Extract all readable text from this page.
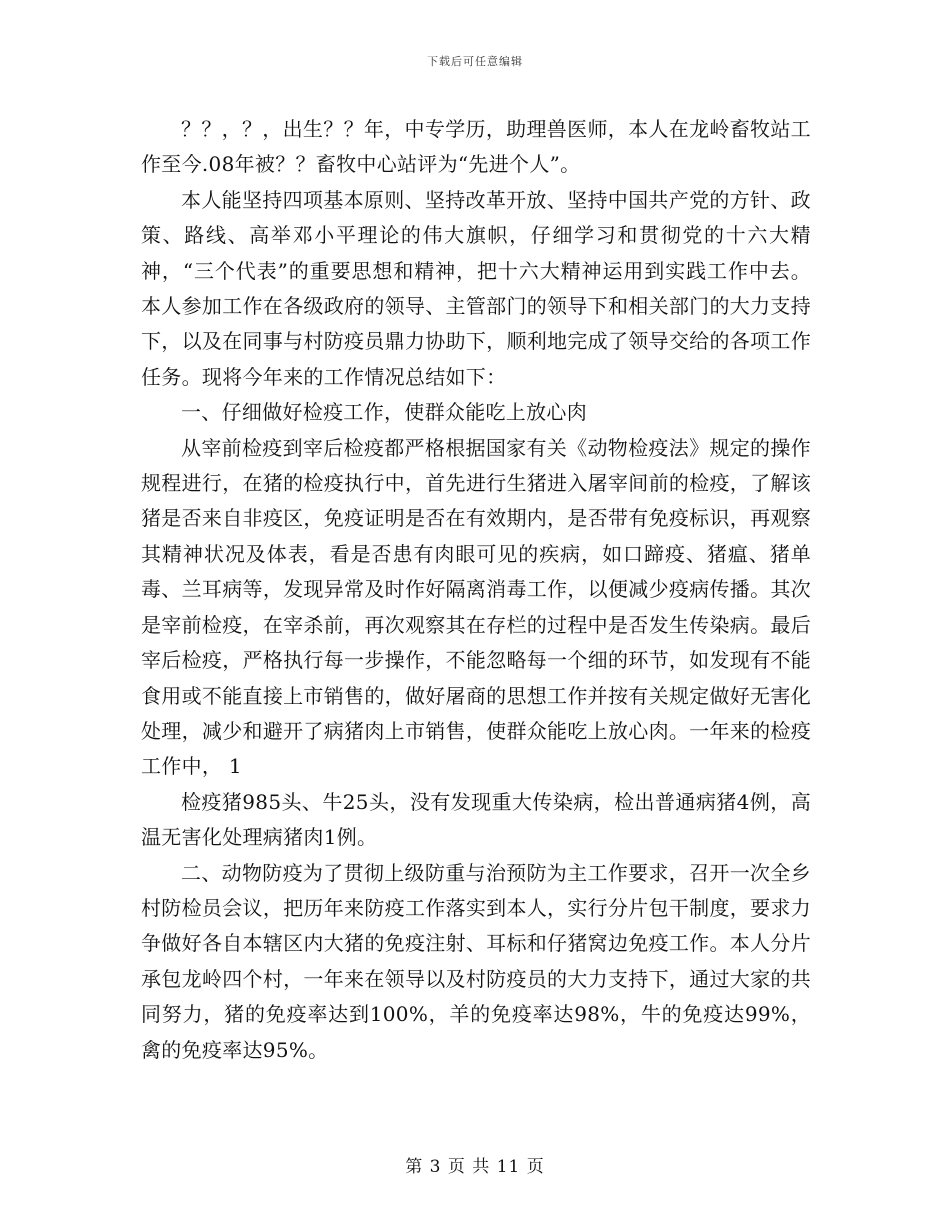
下载后可任意编辑

？？，？，出生？？年，中专学历，助理兽医师，本人在龙岭畜牧站工作至今.08年被？？畜牧中心站评为“先进个人”。

本人能坚持四项基本原则、坚持改革开放、坚持中国共产党的方针、政策、路线、高举邓小平理论的伟大旗帜，仔细学习和贯彻党的十六大精神，“三个代表”的重要思想和精神，把十六大精神运用到实践工作中去。本人参加工作在各级政府的领导、主管部门的领导下和相关部门的大力支持下，以及在同事与村防疫员鼎力协助下，顺利地完成了领导交给的各项工作任务。现将今年来的工作情况总结如下：

一、仔细做好检疫工作，使群众能吃上放心肉

从宰前检疫到宰后检疫都严格根据国家有关《动物检疫法》规定的操作规程进行，在猪的检疫执行中，首先进行生猪进入屠宰间前的检疫，了解该猪是否来自非疫区，免疫证明是否在有效期内，是否带有免疫标识，再观察其精神状况及体表，看是否患有肉眼可见的疾病，如口蹄疫、猪瘟、猪单毒、兰耳病等，发现异常及时作好隔离消毒工作，以便减少疫病传播。其次是宰前检疫，在宰杀前，再次观察其在存栏的过程中是否发生传染病。最后宰后检疫，严格执行每一步操作，不能忽略每一个细的环节，如发现有不能食用或不能直接上市销售的，做好屠商的思想工作并按有关规定做好无害化处理，减少和避开了病猪肉上市销售，使群众能吃上放心肉。一年来的检疫工作中， 1

检疫猪985头、牛25头，没有发现重大传染病，检出普通病猪4例，高温无害化处理病猪肉1例。

二、动物防疫为了贯彻上级防重与治预防为主工作要求，召开一次全乡村防检员会议，把历年来防疫工作落实到本人，实行分片包干制度，要求力争做好各自本辖区内大猪的免疫注射、耳标和仔猪窝边免疫工作。本人分片承包龙岭四个村，一年来在领导以及村防疫员的大力支持下，通过大家的共同努力，猪的免疫率达到100%，羊的免疫率达98%，牛的免疫达99%，禽的免疫率达95%。

第 3 页 共 11 页
